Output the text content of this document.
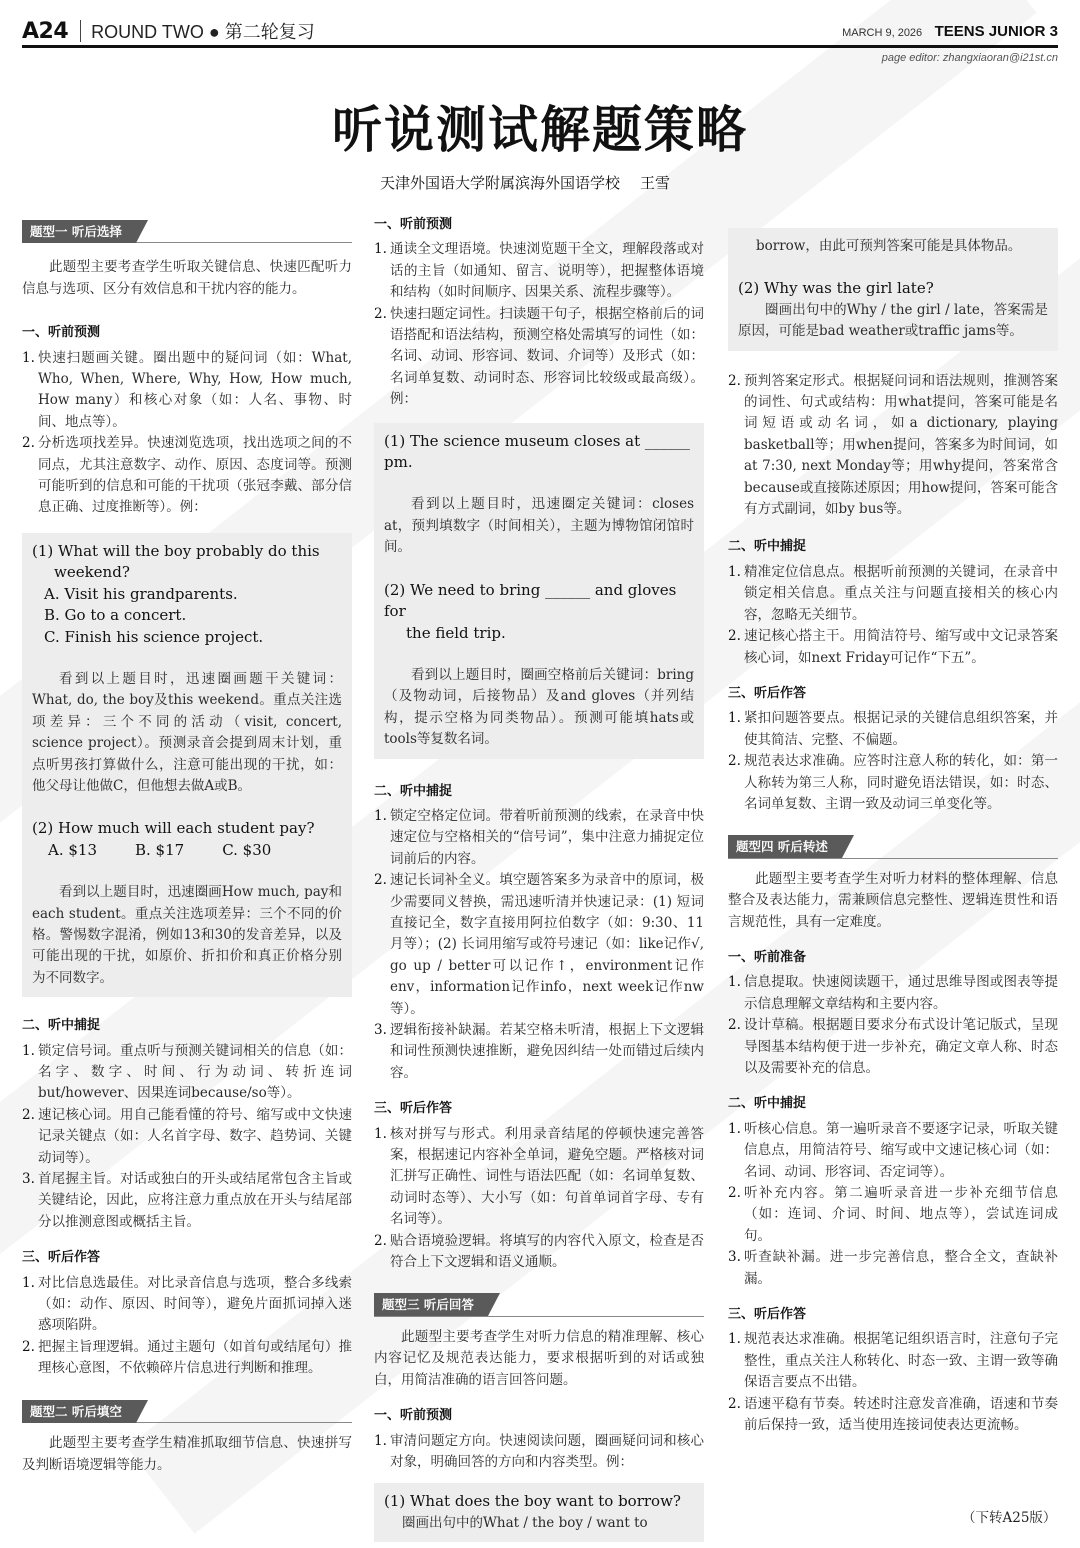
A24 ROUND TWO ● 第二轮复习	MARCH 9, 2026 TEENS JUNIOR 3
page editor: zhangxiaoran@i21st.cn
听说测试解题策略
天津外国语大学附属滨海外国语学校 王雪
题型一 听后选择

此题型主要考查学生听取关键信息、快速匹配听力信息与选项、区分有效信息和干扰内容的能力。

一、听前预测
1. 快速扫题画关键。圈出题中的疑问词（如：What, Who, When, Where, Why, How, How much, How many）和核心对象（如：人名、事物、时间、地点等）。
2. 分析选项找差异。快速浏览选项，找出选项之间的不同点，尤其注意数字、动作、原因、态度词等。预测可能听到的信息和可能的干扰项（张冠李戴、部分信息正确、过度推断等）。例：
(1) What will the boy probably do this
weekend?
A. Visit his grandparents.
B. Go to a concert.
C. Finish his science project.

看到以上题目时，迅速圈画题干关键词：What, do, the boy及this weekend。重点关注选项差异：三个不同的活动（visit, concert, science project）。预测录音会提到周末计划，重点听男孩打算做什么，注意可能出现的干扰，如：他父母让他做C，但他想去做A或B。

(2) How much will each student pay?
A. $13	B. $17	C. $30

看到以上题目时，迅速圈画How much, pay和each student。重点关注选项差异：三个不同的价格。警惕数字混淆，例如13和30的发音差异，以及可能出现的干扰，如原价、折扣价和真正价格分别为不同数字。

二、听中捕捉
1. 锁定信号词。重点听与预测关键词相关的信息（如：名字、数字、时间、行为动词、转折连词but/however、因果连词because/so等）。
2. 速记核心词。用自己能看懂的符号、缩写或中文快速记录关键点（如：人名首字母、数字、趋势词、关键动词等）。
3. 首尾握主旨。对话或独白的开头或结尾常包含主旨或关键结论，因此，应将注意力重点放在开头与结尾部分以推测意图或概括主旨。
三、听后作答
1. 对比信息选最佳。对比录音信息与选项，整合多线索（如：动作、原因、时间等），避免片面抓词掉入迷惑项陷阱。
2. 把握主旨理逻辑。通过主题句（如首句或结尾句）推理核心意图，不依赖碎片信息进行判断和推理。
题型二 听后填空

此题型主要考查学生精准抓取细节信息、快速拼写及判断语境逻辑等能力。

一、听前预测
1. 通读全文理语境。快速浏览题干全文，理解段落或对话的主旨（如通知、留言、说明等），把握整体语境和结构（如时间顺序、因果关系、流程步骤等）。
2. 快速扫题定词性。扫读题干句子，根据空格前后的词语搭配和语法结构，预测空格处需填写的词性（如：名词、动词、形容词、数词、介词等）及形式（如：名词单复数、动词时态、形容词比较级或最高级）。例：
(1) The science museum closes at ______ pm.

看到以上题目时，迅速圈定关键词：closes at，预判填数字（时间相关），主题为博物馆闭馆时间。

(2) We need to bring ______ and gloves for
the field trip.

看到以上题目时，圈画空格前后关键词：bring（及物动词，后接物品）及and gloves（并列结构，提示空格为同类物品）。预测可能填hats或tools等复数名词。

二、听中捕捉
1. 锁定空格定位词。带着听前预测的线索，在录音中快速定位与空格相关的“信号词”，集中注意力捕捉定位词前后的内容。
2. 速记长词补全义。填空题答案多为录音中的原词，极少需要同义替换，需迅速听清并快速记录：(1) 短词直接记全，数字直接用阿拉伯数字（如：9:30、11月等）；(2) 长词用缩写或符号速记（如：like记作√, go up / better可以记作↑，environment记作env，information记作info，next week记作nw等）。
3. 逻辑衔接补缺漏。若某空格未听清，根据上下文逻辑和词性预测快速推断，避免因纠结一处而错过后续内容。
三、听后作答
1. 核对拼写与形式。利用录音结尾的停顿快速完善答案，根据速记内容补全单词，避免空题。严格核对词汇拼写正确性、词性与语法匹配（如：名词单复数、动词时态等）、大小写（如：句首单词首字母、专有名词等）。
2. 贴合语境验逻辑。将填写的内容代入原文，检查是否符合上下文逻辑和语义通顺。
题型三 听后回答

此题型主要考查学生对听力信息的精准理解、核心内容记忆及规范表达能力，要求根据听到的对话或独白，用简洁准确的语言回答问题。

一、听前预测
1. 审清问题定方向。快速阅读问题，圈画疑问词和核心对象，明确回答的方向和内容类型。例：
(1) What does the boy want to borrow?
圈画出句中的What / the boy / want to
borrow，由此可预判答案可能是具体物品。
(2) Why was the girl late?

圈画出句中的Why / the girl / late，答案需是原因，可能是bad weather或traffic jams等。

2. 预判答案定形式。根据疑问词和语法规则，推测答案的词性、句式或结构：用what提问，答案可能是名词短语或动名词，如a dictionary, playing basketball等；用when提问，答案多为时间词，如 at 7:30, next Monday等；用why提问，答案常含because或直接陈述原因；用how提问，答案可能含有方式副词，如by bus等。
二、听中捕捉
1. 精准定位信息点。根据听前预测的关键词，在录音中锁定相关信息。重点关注与问题直接相关的核心内容，忽略无关细节。
2. 速记核心搭主干。用简洁符号、缩写或中文记录答案核心词，如next Friday可记作“下五”。
三、听后作答
1. 紧扣问题答要点。根据记录的关键信息组织答案，并使其简洁、完整、不偏题。
2. 规范表达求准确。应答时注意人称的转化，如：第一人称转为第三人称，同时避免语法错误，如：时态、名词单复数、主谓一致及动词三单变化等。
题型四 听后转述

此题型主要考查学生对听力材料的整体理解、信息整合及表达能力，需兼顾信息完整性、逻辑连贯性和语言规范性，具有一定难度。

一、听前准备
1. 信息提取。快速阅读题干，通过思维导图或图表等提示信息理解文章结构和主要内容。
2. 设计草稿。根据题目要求分布式设计笔记版式，呈现导图基本结构便于进一步补充，确定文章人称、时态以及需要补充的信息。
二、听中捕捉
1. 听核心信息。第一遍听录音不要逐字记录，听取关键信息点，用简洁符号、缩写或中文速记核心词（如：名词、动词、形容词、否定词等）。
2. 听补充内容。第二遍听录音进一步补充细节信息（如：连词、介词、时间、地点等），尝试连词成句。
3. 听查缺补漏。进一步完善信息，整合全文，查缺补漏。
三、听后作答
1. 规范表达求准确。根据笔记组织语言时，注意句子完整性，重点关注人称转化、时态一致、主谓一致等确保语言要点不出错。
2. 语速平稳有节奏。转述时注意发音准确，语速和节奏前后保持一致，适当使用连接词使表达更流畅。
（下转A25版）
